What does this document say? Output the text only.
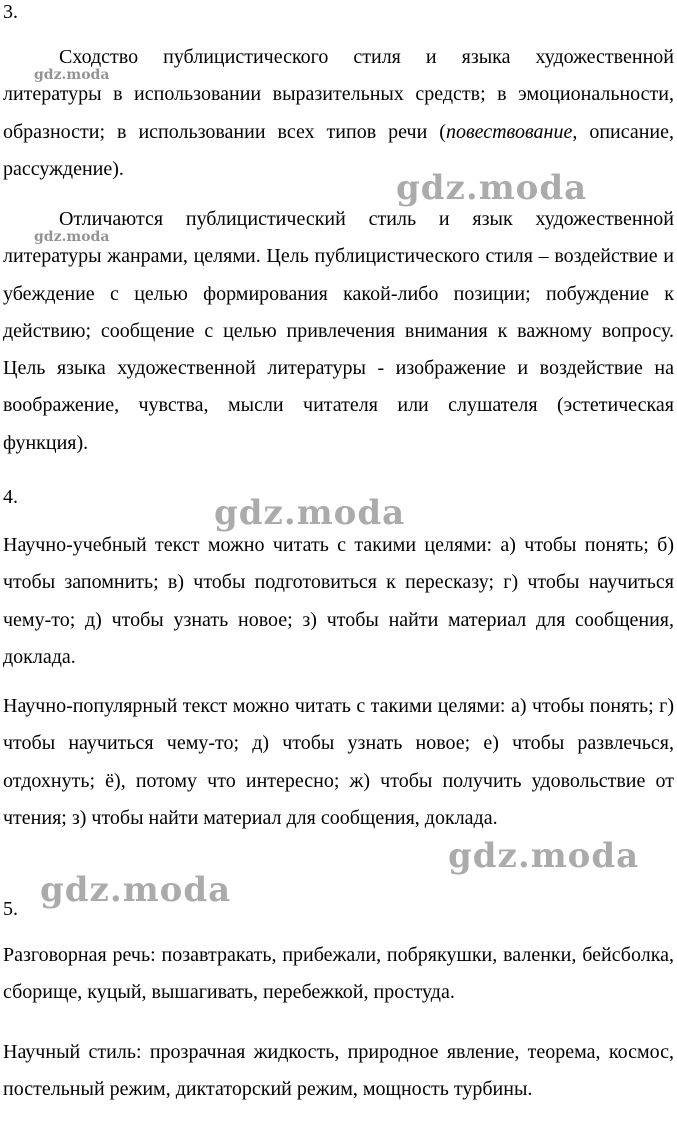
3.
Сходство публицистического стиля и языка художественной литературы в использовании выразительных средств; в эмоциональности, образности; в использовании всех типов речи (повествование, описание, рассуждение).
Отличаются публицистический стиль и язык художественной литературы жанрами, целями. Цель публицистического стиля – воздействие и убеждение с целью формирования какой-либо позиции; побуждение к действию; сообщение с целью привлечения внимания к важному вопросу. Цель языка художественной литературы - изображение и воздействие на воображение, чувства, мысли читателя или слушателя (эстетическая функция).
4.
Научно-учебный текст можно читать с такими целями: а) чтобы понять; б) чтобы запомнить; в) чтобы подготовиться к пересказу; г) чтобы научиться чему-то; д) чтобы узнать новое; з) чтобы найти материал для сообщения, доклада.
Научно-популярный текст можно читать с такими целями: а) чтобы понять; г) чтобы научиться чему-то; д) чтобы узнать новое; е) чтобы развлечься, отдохнуть; ё), потому что интересно; ж) чтобы получить удовольствие от чтения; з) чтобы найти материал для сообщения, доклада.
5.
Разговорная речь: позавтракать, прибежали, побрякушки, валенки, бейсболка, сборище, куцый, вышагивать, перебежкой, простуда.
Научный стиль: прозрачная жидкость, природное явление, теорема, космос, постельный режим, диктаторский режим, мощность турбины.
gdz.moda
gdz.moda
gdz.moda
gdz.moda
gdz.moda
gdz.moda
